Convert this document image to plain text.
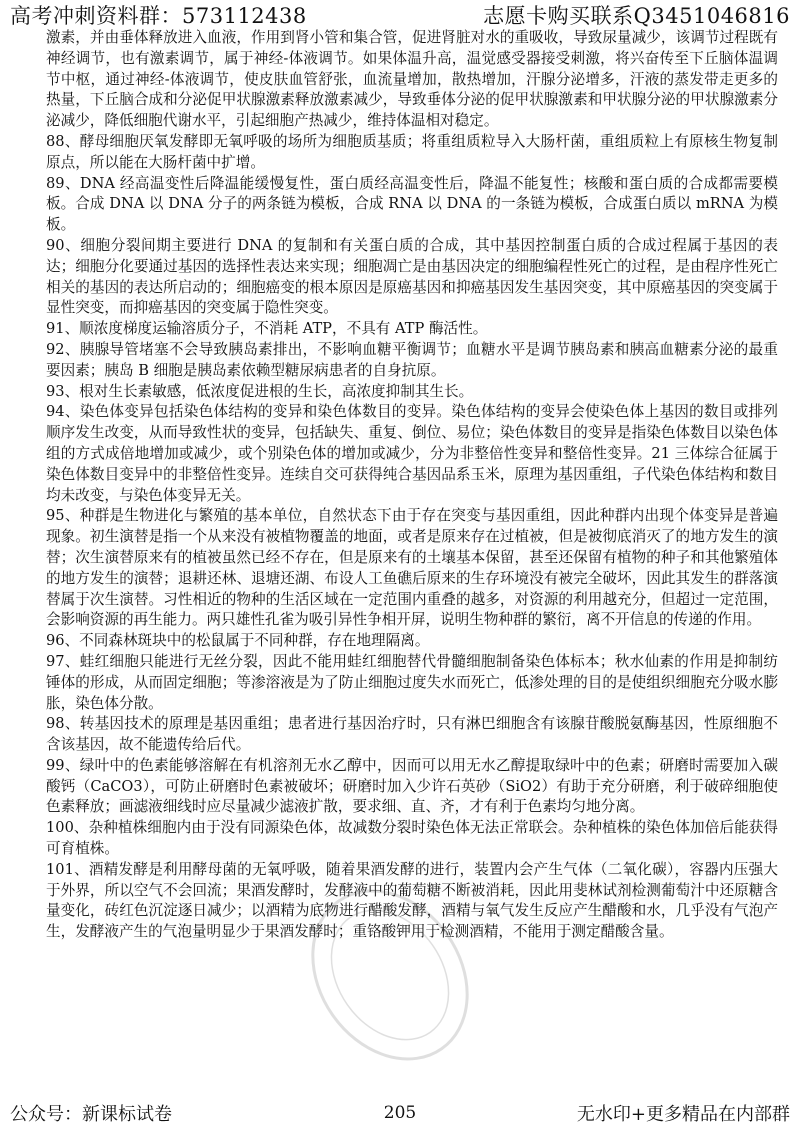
高考冲刺资料群：573112438	志愿卡购买联系Q3451046816

激素，并由垂体释放进入血液，作用到肾小管和集合管，促进肾脏对水的重吸收，导致尿量减少，该调节过程既有神经调节，也有激素调节，属于神经-体液调节。如果体温升高，温觉感受器接受刺激，将兴奋传至下丘脑体温调节中枢，通过神经-体液调节，使皮肤血管舒张，血流量增加，散热增加，汗腺分泌增多，汗液的蒸发带走更多的热量，下丘脑合成和分泌促甲状腺激素释放激素减少，导致垂体分泌的促甲状腺激素和甲状腺分泌的甲状腺激素分泌减少，降低细胞代谢水平，引起细胞产热减少，维持体温相对稳定。

88、酵母细胞厌氧发酵即无氧呼吸的场所为细胞质基质；将重组质粒导入大肠杆菌，重组质粒上有原核生物复制原点，所以能在大肠杆菌中扩增。

89、DNA 经高温变性后降温能缓慢复性，蛋白质经高温变性后，降温不能复性；核酸和蛋白质的合成都需要模板。合成 DNA 以 DNA 分子的两条链为模板，合成 RNA 以 DNA 的一条链为模板，合成蛋白质以 mRNA 为模板。

90、细胞分裂间期主要进行 DNA 的复制和有关蛋白质的合成，其中基因控制蛋白质的合成过程属于基因的表达；细胞分化要通过基因的选择性表达来实现；细胞凋亡是由基因决定的细胞编程性死亡的过程，是由程序性死亡相关的基因的表达所启动的；细胞癌变的根本原因是原癌基因和抑癌基因发生基因突变，其中原癌基因的突变属于显性突变，而抑癌基因的突变属于隐性突变。

91、顺浓度梯度运输溶质分子，不消耗 ATP，不具有 ATP 酶活性。

92、胰腺导管堵塞不会导致胰岛素排出，不影响血糖平衡调节；血糖水平是调节胰岛素和胰高血糖素分泌的最重要因素；胰岛 B 细胞是胰岛素依赖型糖尿病患者的自身抗原。

93、根对生长素敏感，低浓度促进根的生长，高浓度抑制其生长。

94、染色体变异包括染色体结构的变异和染色体数目的变异。染色体结构的变异会使染色体上基因的数目或排列顺序发生改变，从而导致性状的变异，包括缺失、重复、倒位、易位；染色体数目的变异是指染色体数目以染色体组的方式成倍地增加或减少，或个别染色体的增加或减少，分为非整倍性变异和整倍性变异。21 三体综合征属于染色体数目变异中的非整倍性变异。连续自交可获得纯合基因品系玉米，原理为基因重组，子代染色体结构和数目均未改变，与染色体变异无关。

95、种群是生物进化与繁殖的基本单位，自然状态下由于存在突变与基因重组，因此种群内出现个体变异是普遍现象。初生演替是指一个从来没有被植物覆盖的地面，或者是原来存在过植被，但是被彻底消灭了的地方发生的演替；次生演替原来有的植被虽然已经不存在，但是原来有的土壤基本保留，甚至还保留有植物的种子和其他繁殖体的地方发生的演替；退耕还林、退塘还湖、布设人工鱼礁后原来的生存环境没有被完全破坏，因此其发生的群落演替属于次生演替。习性相近的物种的生活区域在一定范围内重叠的越多，对资源的利用越充分，但超过一定范围，会影响资源的再生能力。两只雄性孔雀为吸引异性争相开屏，说明生物种群的繁衍，离不开信息的传递的作用。

96、不同森林斑块中的松鼠属于不同种群，存在地理隔离。

97、蛙红细胞只能进行无丝分裂，因此不能用蛙红细胞替代骨髓细胞制备染色体标本；秋水仙素的作用是抑制纺锤体的形成，从而固定细胞；等渗溶液是为了防止细胞过度失水而死亡，低渗处理的目的是使组织细胞充分吸水膨胀，染色体分散。

98、转基因技术的原理是基因重组；患者进行基因治疗时，只有淋巴细胞含有该腺苷酸脱氨酶基因，性原细胞不含该基因，故不能遗传给后代。

99、绿叶中的色素能够溶解在有机溶剂无水乙醇中，因而可以用无水乙醇提取绿叶中的色素；研磨时需要加入碳酸钙（CaCO3），可防止研磨时色素被破坏；研磨时加入少许石英砂（SiO2）有助于充分研磨，利于破碎细胞使色素释放；画滤液细线时应尽量减少滤液扩散，要求细、直、齐，才有利于色素均匀地分离。

100、杂种植株细胞内由于没有同源染色体，故减数分裂时染色体无法正常联会。杂种植株的染色体加倍后能获得可育植株。

101、酒精发酵是利用酵母菌的无氧呼吸，随着果酒发酵的进行，装置内会产生气体（二氧化碳），容器内压强大于外界，所以空气不会回流；果酒发酵时，发酵液中的葡萄糖不断被消耗，因此用斐林试剂检测葡萄汁中还原糖含量变化，砖红色沉淀逐日减少；以酒精为底物进行醋酸发酵，酒精与氧气发生反应产生醋酸和水，几乎没有气泡产生，发酵液产生的气泡量明显少于果酒发酵时；重铬酸钾用于检测酒精，不能用于测定醋酸含量。

公众号：新课标试卷	205	无水印+更多精品在内部群
